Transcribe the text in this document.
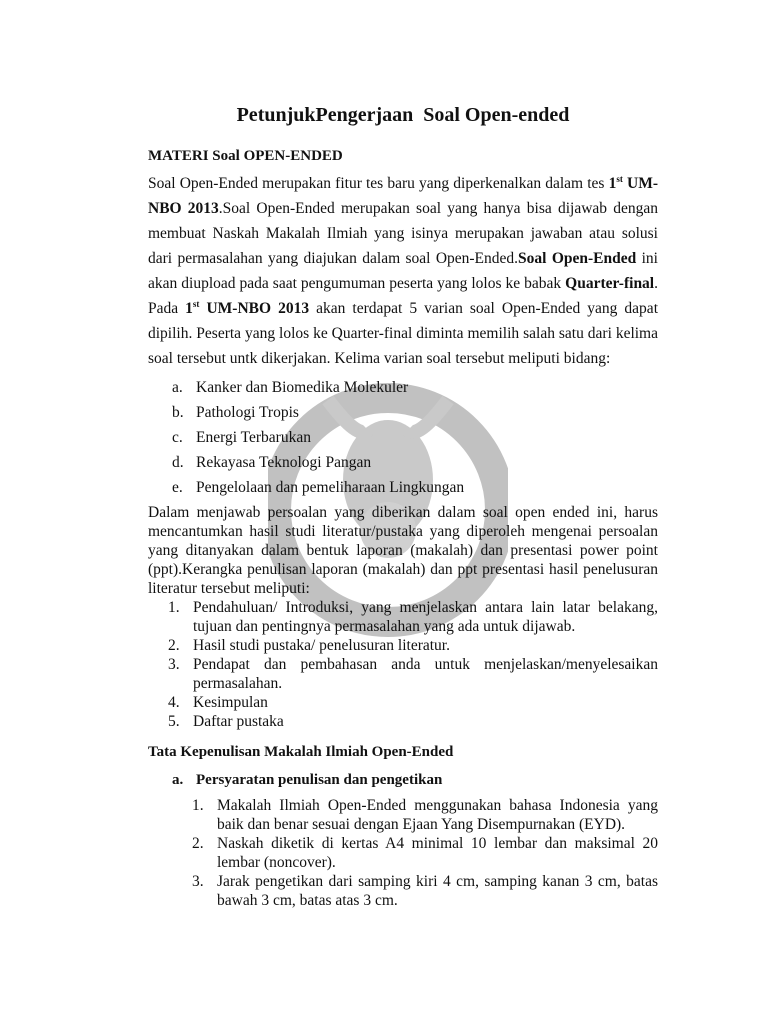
PetunjukPengerjaan  Soal Open-ended
MATERI Soal OPEN-ENDED
Soal Open-Ended merupakan fitur tes baru yang diperkenalkan dalam tes 1st UM-NBO 2013.Soal Open-Ended merupakan soal yang hanya bisa dijawab dengan membuat Naskah Makalah Ilmiah yang isinya merupakan jawaban atau solusi dari permasalahan yang diajukan dalam soal Open-Ended.Soal Open-Ended ini akan diupload pada saat pengumuman peserta yang lolos ke babak Quarter-final. Pada 1st UM-NBO 2013 akan terdapat 5 varian soal Open-Ended yang dapat dipilih. Peserta yang lolos ke Quarter-final diminta memilih salah satu dari kelima soal tersebut untk dikerjakan. Kelima varian soal tersebut meliputi bidang:
a. Kanker dan Biomedika Molekuler
b. Pathologi Tropis
c. Energi Terbarukan
d. Rekayasa Teknologi Pangan
e. Pengelolaan dan pemeliharaan Lingkungan
Dalam menjawab persoalan yang diberikan dalam soal open ended ini, harus mencantumkan hasil studi literatur/pustaka yang diperoleh mengenai persoalan yang ditanyakan dalam bentuk laporan (makalah) dan presentasi power point (ppt).Kerangka penulisan laporan (makalah) dan ppt presentasi hasil penelusuran literatur tersebut meliputi:
1. Pendahuluan/ Introduksi, yang menjelaskan antara lain latar belakang, tujuan dan pentingnya permasalahan yang ada untuk dijawab.
2. Hasil studi pustaka/ penelusuran literatur.
3. Pendapat dan pembahasan anda untuk menjelaskan/menyelesaikan permasalahan.
4. Kesimpulan
5. Daftar pustaka
Tata Kepenulisan Makalah Ilmiah Open-Ended
a. Persyaratan penulisan dan pengetikan
1. Makalah Ilmiah Open-Ended menggunakan bahasa Indonesia yang baik dan benar sesuai dengan Ejaan Yang Disempurnakan (EYD).
2. Naskah diketik di kertas A4 minimal 10 lembar dan maksimal 20 lembar (noncover).
3. Jarak pengetikan dari samping kiri 4 cm, samping kanan 3 cm, batas bawah 3 cm, batas atas 3 cm.
